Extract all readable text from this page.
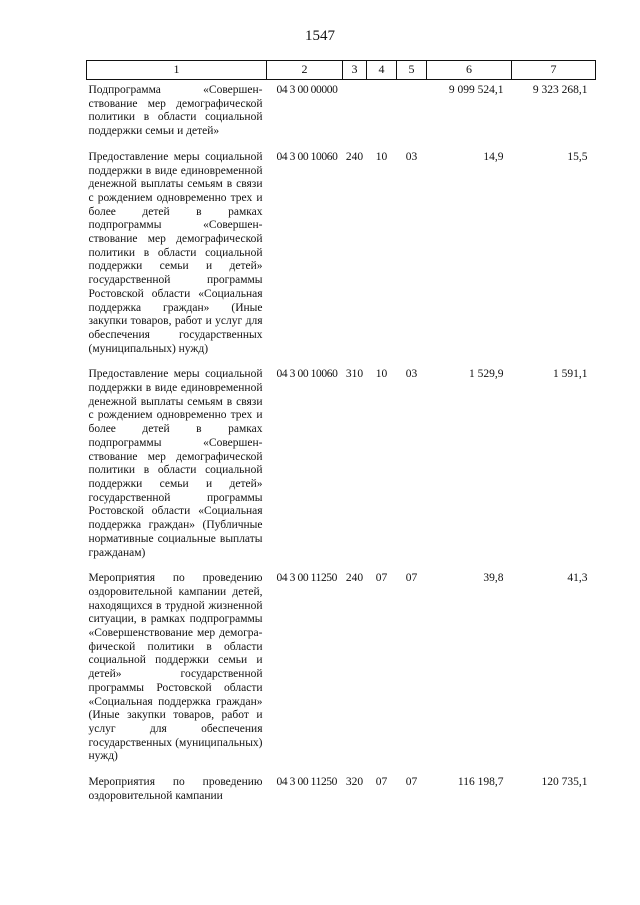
1547
1	2	3	4	5	6	7
Подпрограмма «Совершенствование мер демографической политики в области социальной поддержки семьи и детей»	04 3 00 00000				9 099 524,1	9 323 268,1
Предоставление меры социальной поддержки в виде единовременной денежной выплаты семьям в связи с рождением одновременно трех и более детей в рамках подпрограммы «Совершенствование мер демографической политики в области социальной поддержки семьи и детей» государственной программы Ростовской области «Социальная поддержка граждан» (Иные закупки товаров, работ и услуг для обеспечения государственных (муниципальных) нужд)	04 3 00 10060	240	10	03	14,9	15,5
Предоставление меры социальной поддержки в виде единовременной денежной выплаты семьям в связи с рождением одновременно трех и более детей в рамках подпрограммы «Совершенствование мер демографической политики в области социальной поддержки семьи и детей» государственной программы Ростовской области «Социальная поддержка граждан» (Публичные нормативные социальные выплаты гражданам)	04 3 00 10060	310	10	03	1 529,9	1 591,1
Мероприятия по проведению оздоровительной кампании детей, находящихся в трудной жизненной ситуации, в рамках подпрограммы «Совершенствование мер демографической политики в области социальной поддержки семьи и детей» государственной программы Ростовской области «Социальная поддержка граждан» (Иные закупки товаров, работ и услуг для обеспечения государственных (муниципальных) нужд)	04 3 00 11250	240	07	07	39,8	41,3
Мероприятия по проведению оздоровительной кампании	04 3 00 11250	320	07	07	116 198,7	120 735,1
